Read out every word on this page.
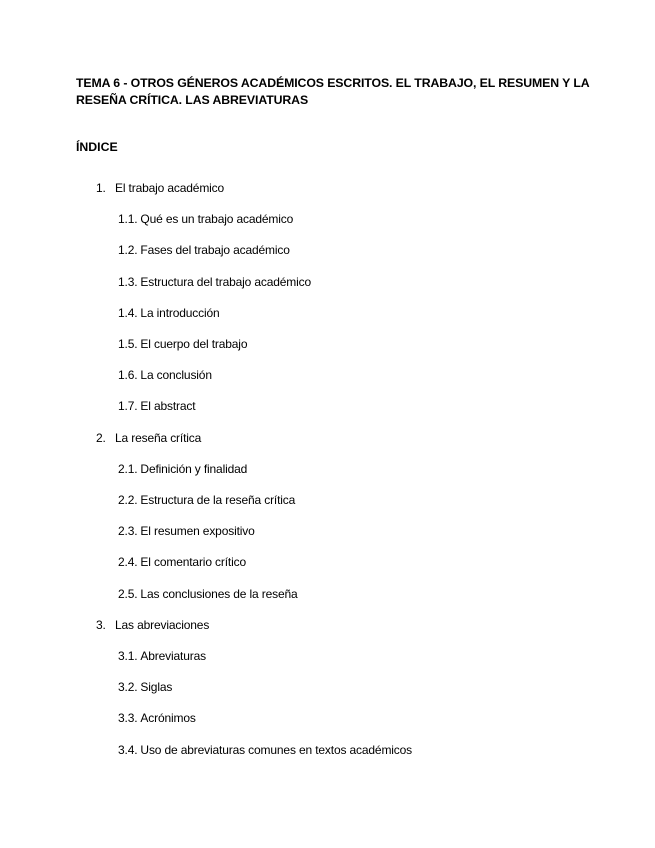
TEMA 6 - OTROS GÉNEROS ACADÉMICOS ESCRITOS. EL TRABAJO, EL RESUMEN Y LA
RESEÑA CRÍTICA. LAS ABREVIATURAS
ÍNDICE
1. El trabajo académico
1.1. Qué es un trabajo académico
1.2. Fases del trabajo académico
1.3. Estructura del trabajo académico
1.4. La introducción
1.5. El cuerpo del trabajo
1.6. La conclusión
1.7. El abstract
2. La reseña crítica
2.1. Definición y finalidad
2.2. Estructura de la reseña crítica
2.3. El resumen expositivo
2.4. El comentario crítico
2.5. Las conclusiones de la reseña
3. Las abreviaciones
3.1. Abreviaturas
3.2. Siglas
3.3. Acrónimos
3.4. Uso de abreviaturas comunes en textos académicos
